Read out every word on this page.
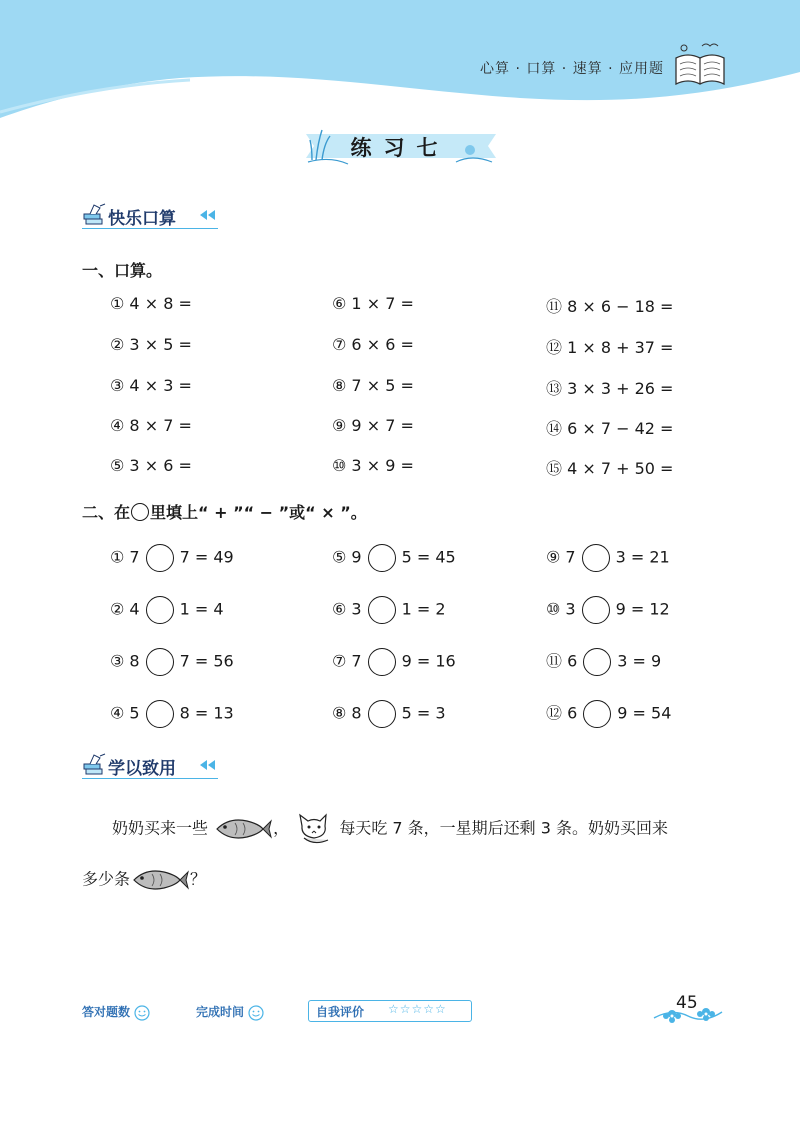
心算 · 口算 · 速算 · 应用题
练习七
快乐口算
一、口算。
① 4 × 8 =	⑥ 1 × 7 =	⑪ 8 × 6 − 18 =
② 3 × 5 =	⑦ 6 × 6 =	⑫ 1 × 8 + 37 =
③ 4 × 3 =	⑧ 7 × 5 =	⑬ 3 × 3 + 26 =
④ 8 × 7 =	⑨ 9 × 7 =	⑭ 6 × 7 − 42 =
⑤ 3 × 6 =	⑩ 3 × 9 =	⑮ 4 × 7 + 50 =
二、在 里填上“ + ”“ − ”或“ × ”。
① 7	7 = 49	⑤ 9	5 = 45	⑨ 7	3 = 21
② 4	1 = 4	⑥ 3	1 = 2	⑩ 3	9 = 12
③ 8	7 = 56	⑦ 7	9 = 16	⑪ 6	3 = 9
④ 5	8 = 13	⑧ 8	5 = 3	⑫ 6	9 = 54
学以致用
奶奶买来一些	，	每天吃 7 条，一星期后还剩 3 条。奶奶买回来
多少条	？
答对题数	完成时间	自我评价 ☆☆☆☆☆	45
